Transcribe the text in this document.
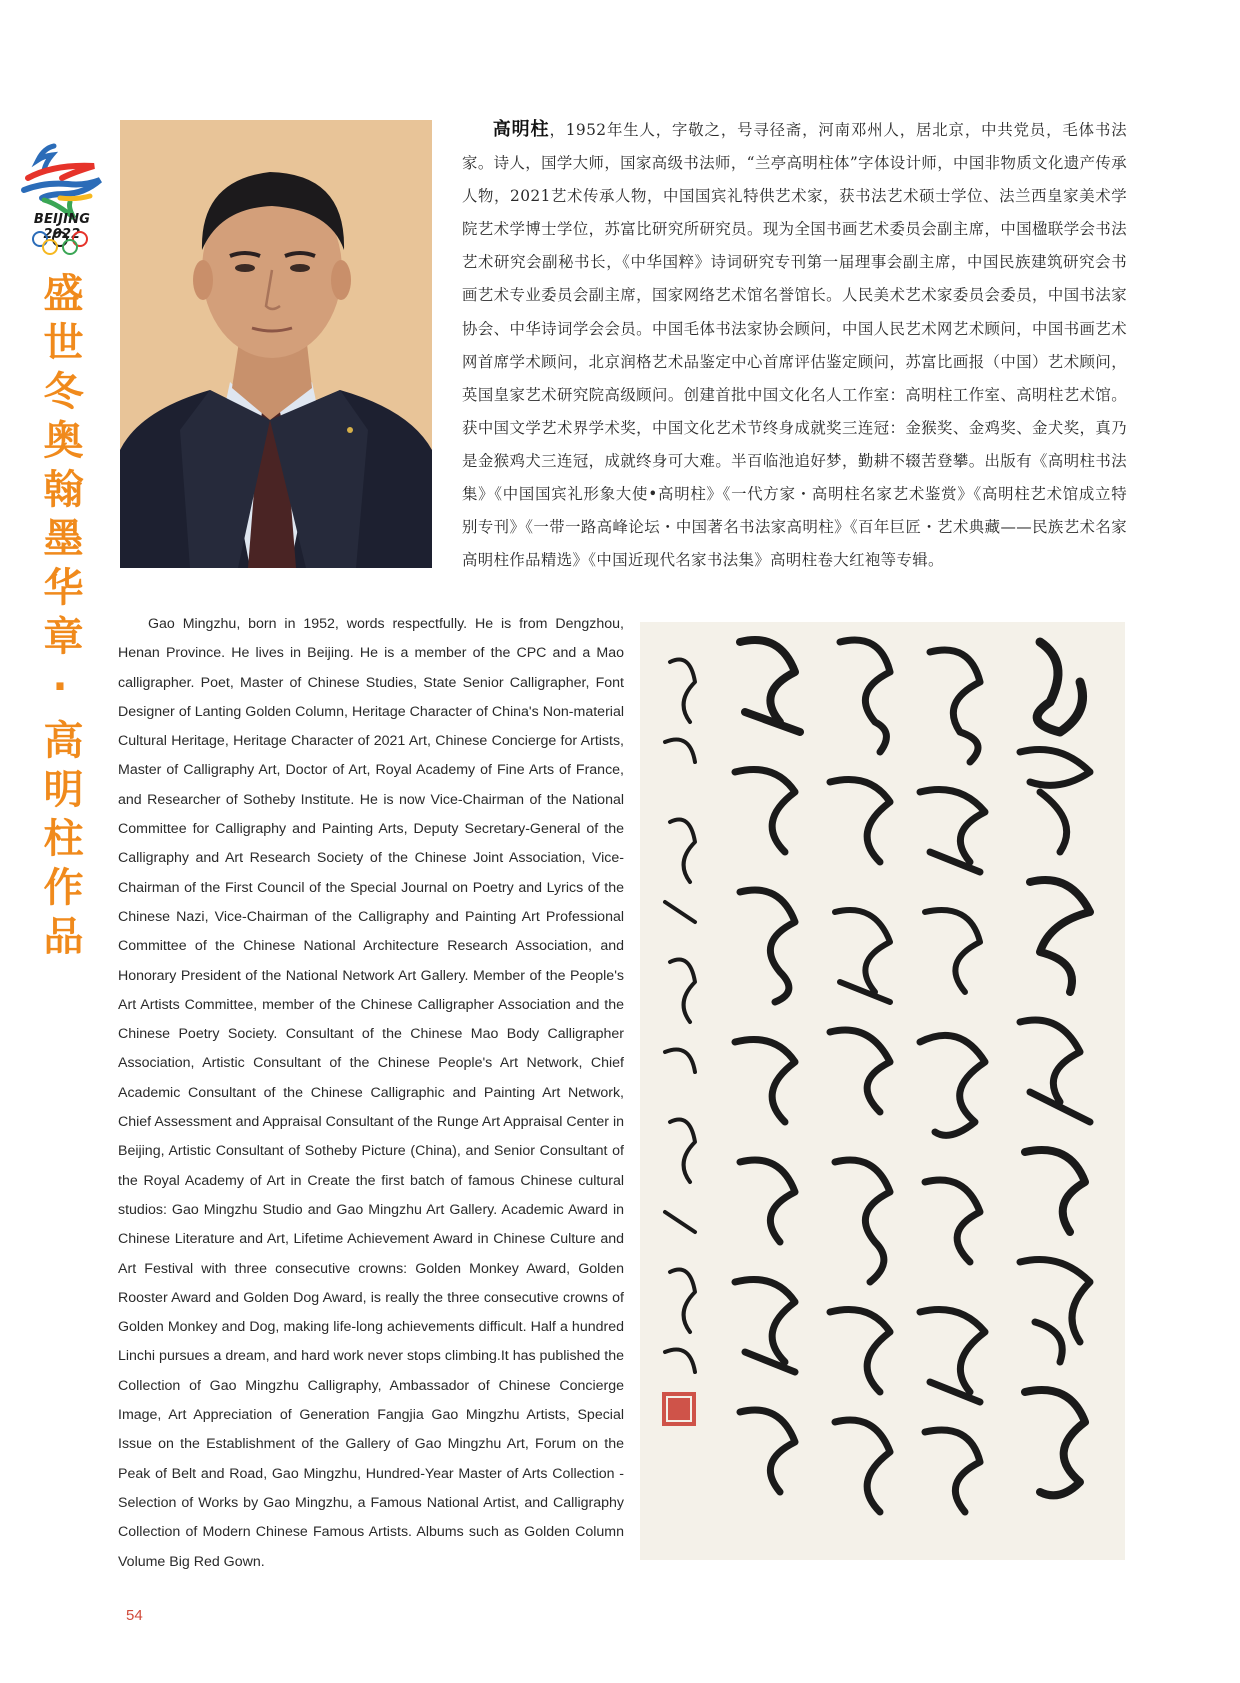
BEIJING 2022
盛世冬奥翰墨华章·高明柱作品
高明柱，1952年生人，字敬之，号寻径斋，河南邓州人，居北京，中共党员，毛体书法家。诗人，国学大师，国家高级书法师，“兰亭高明柱体”字体设计师，中国非物质文化遗产传承人物，2021艺术传承人物，中国国宾礼特供艺术家，获书法艺术硕士学位、法兰西皇家美术学院艺术学博士学位，苏富比研究所研究员。现为全国书画艺术委员会副主席，中国楹联学会书法艺术研究会副秘书长，《中华国粹》诗词研究专刊第一届理事会副主席，中国民族建筑研究会书画艺术专业委员会副主席，国家网络艺术馆名誉馆长。人民美术艺术家委员会委员，中国书法家协会、中华诗词学会会员。中国毛体书法家协会顾问，中国人民艺术网艺术顾问，中国书画艺术网首席学术顾问，北京润格艺术品鉴定中心首席评估鉴定顾问，苏富比画报（中国）艺术顾问，英国皇家艺术研究院高级顾问。创建首批中国文化名人工作室：高明柱工作室、高明柱艺术馆。获中国文学艺术界学术奖，中国文化艺术节终身成就奖三连冠：金猴奖、金鸡奖、金犬奖，真乃是金猴鸡犬三连冠，成就终身可大难。半百临池追好梦，勤耕不辍苦登攀。出版有《高明柱书法集》《中国国宾礼形象大使•高明柱》《一代方家・高明柱名家艺术鉴赏》《高明柱艺术馆成立特别专刊》《一带一路高峰论坛・中国著名书法家高明柱》《百年巨匠・艺术典藏——民族艺术名家高明柱作品精选》《中国近现代名家书法集》高明柱卷大红袍等专辑。
Gao Mingzhu, born in 1952, words respectfully. He is from Dengzhou, Henan Province. He lives in Beijing. He is a member of the CPC and a Mao calligrapher. Poet, Master of Chinese Studies, State Senior Calligrapher, Font Designer of Lanting Golden Column, Heritage Character of China's Non-material Cultural Heritage, Heritage Character of 2021 Art, Chinese Concierge for Artists, Master of Calligraphy Art, Doctor of Art, Royal Academy of Fine Arts of France, and Researcher of Sotheby Institute. He is now Vice-Chairman of the National Committee for Calligraphy and Painting Arts, Deputy Secretary-General of the Calligraphy and Art Research Society of the Chinese Joint Association, Vice-Chairman of the First Council of the Special Journal on Poetry and Lyrics of the Chinese Nazi, Vice-Chairman of the Calligraphy and Painting Art Professional Committee of the Chinese National Architecture Research Association, and Honorary President of the National Network Art Gallery. Member of the People's Art Artists Committee, member of the Chinese Calligrapher Association and the Chinese Poetry Society. Consultant of the Chinese Mao Body Calligrapher Association, Artistic Consultant of the Chinese People's Art Network, Chief Academic Consultant of the Chinese Calligraphic and Painting Art Network, Chief Assessment and Appraisal Consultant of the Runge Art Appraisal Center in Beijing, Artistic Consultant of Sotheby Picture (China), and Senior Consultant of the Royal Academy of Art in Create the first batch of famous Chinese cultural studios: Gao Mingzhu Studio and Gao Mingzhu Art Gallery. Academic Award in Chinese Literature and Art, Lifetime Achievement Award in Chinese Culture and Art Festival with three consecutive crowns: Golden Monkey Award, Golden Rooster Award and Golden Dog Award, is really the three consecutive crowns of Golden Monkey and Dog, making life-long achievements difficult. Half a hundred Linchi pursues a dream, and hard work never stops climbing.It has published the Collection of Gao Mingzhu Calligraphy, Ambassador of Chinese Concierge Image, Art Appreciation of Generation Fangjia Gao Mingzhu Artists, Special Issue on the Establishment of the Gallery of Gao Mingzhu Art, Forum on the Peak of Belt and Road, Gao Mingzhu, Hundred-Year Master of Arts Collection - Selection of Works by Gao Mingzhu, a Famous National Artist, and Calligraphy Collection of Modern Chinese Famous Artists. Albums such as Golden Column Volume Big Red Gown.
54
